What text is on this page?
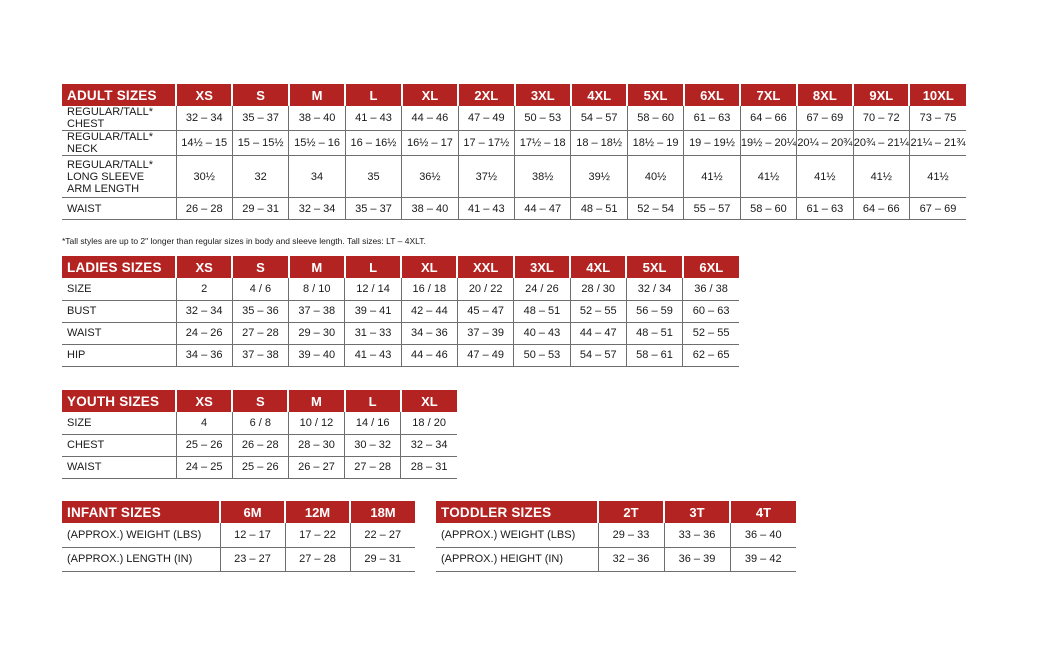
ADULT SIZES	XS	S	M	L	XL	2XL	3XL	4XL	5XL	6XL	7XL	8XL	9XL	10XL

REGULAR/TALL*
CHEST	32 – 34	35 – 37	38 – 40	41 – 43	44 – 46	47 – 49	50 – 53	54 – 57	58 – 60	61 – 63	64 – 66	67 – 69	70 – 72	73 – 75

REGULAR/TALL*
NECK	14½ – 15	15 – 15½	15½ – 16	16 – 16½	16½ – 17	17 – 17½	17½ – 18	18 – 18½	18½ – 19	19 – 19½	19½ – 20¼	20¼ – 20¾	20¾ – 21¼	21¼ – 21¾

REGULAR/TALL*
LONG SLEEVE
ARM LENGTH	30½	32	34	35	36½	37½	38½	39½	40½	41½	41½	41½	41½	41½

WAIST	26 – 28	29 – 31	32 – 34	35 – 37	38 – 40	41 – 43	44 – 47	48 – 51	52 – 54	55 – 57	58 – 60	61 – 63	64 – 66	67 – 69
*Tall styles are up to 2" longer than regular sizes in body and sleeve length. Tall sizes: LT – 4XLT.
LADIES SIZES	XS	S	M	L	XL	XXL	3XL	4XL	5XL	6XL

SIZE	2	4 / 6	8 / 10	12 / 14	16 / 18	20 / 22	24 / 26	28 / 30	32 / 34	36 / 38

BUST	32 – 34	35 – 36	37 – 38	39 – 41	42 – 44	45 – 47	48 – 51	52 – 55	56 – 59	60 – 63

WAIST	24 – 26	27 – 28	29 – 30	31 – 33	34 – 36	37 – 39	40 – 43	44 – 47	48 – 51	52 – 55

HIP	34 – 36	37 – 38	39 – 40	41 – 43	44 – 46	47 – 49	50 – 53	54 – 57	58 – 61	62 – 65
YOUTH SIZES	XS	S	M	L	XL

SIZE	4	6 / 8	10 / 12	14 / 16	18 / 20

CHEST	25 – 26	26 – 28	28 – 30	30 – 32	32 – 34

WAIST	24 – 25	25 – 26	26 – 27	27 – 28	28 – 31
INFANT SIZES	6M	12M	18M

(APPROX.) WEIGHT (LBS)	12 – 17	17 – 22	22 – 27

(APPROX.) LENGTH (IN)	23 – 27	27 – 28	29 – 31
TODDLER SIZES	2T	3T	4T

(APPROX.) WEIGHT (LBS)	29 – 33	33 – 36	36 – 40

(APPROX.) HEIGHT (IN)	32 – 36	36 – 39	39 – 42
